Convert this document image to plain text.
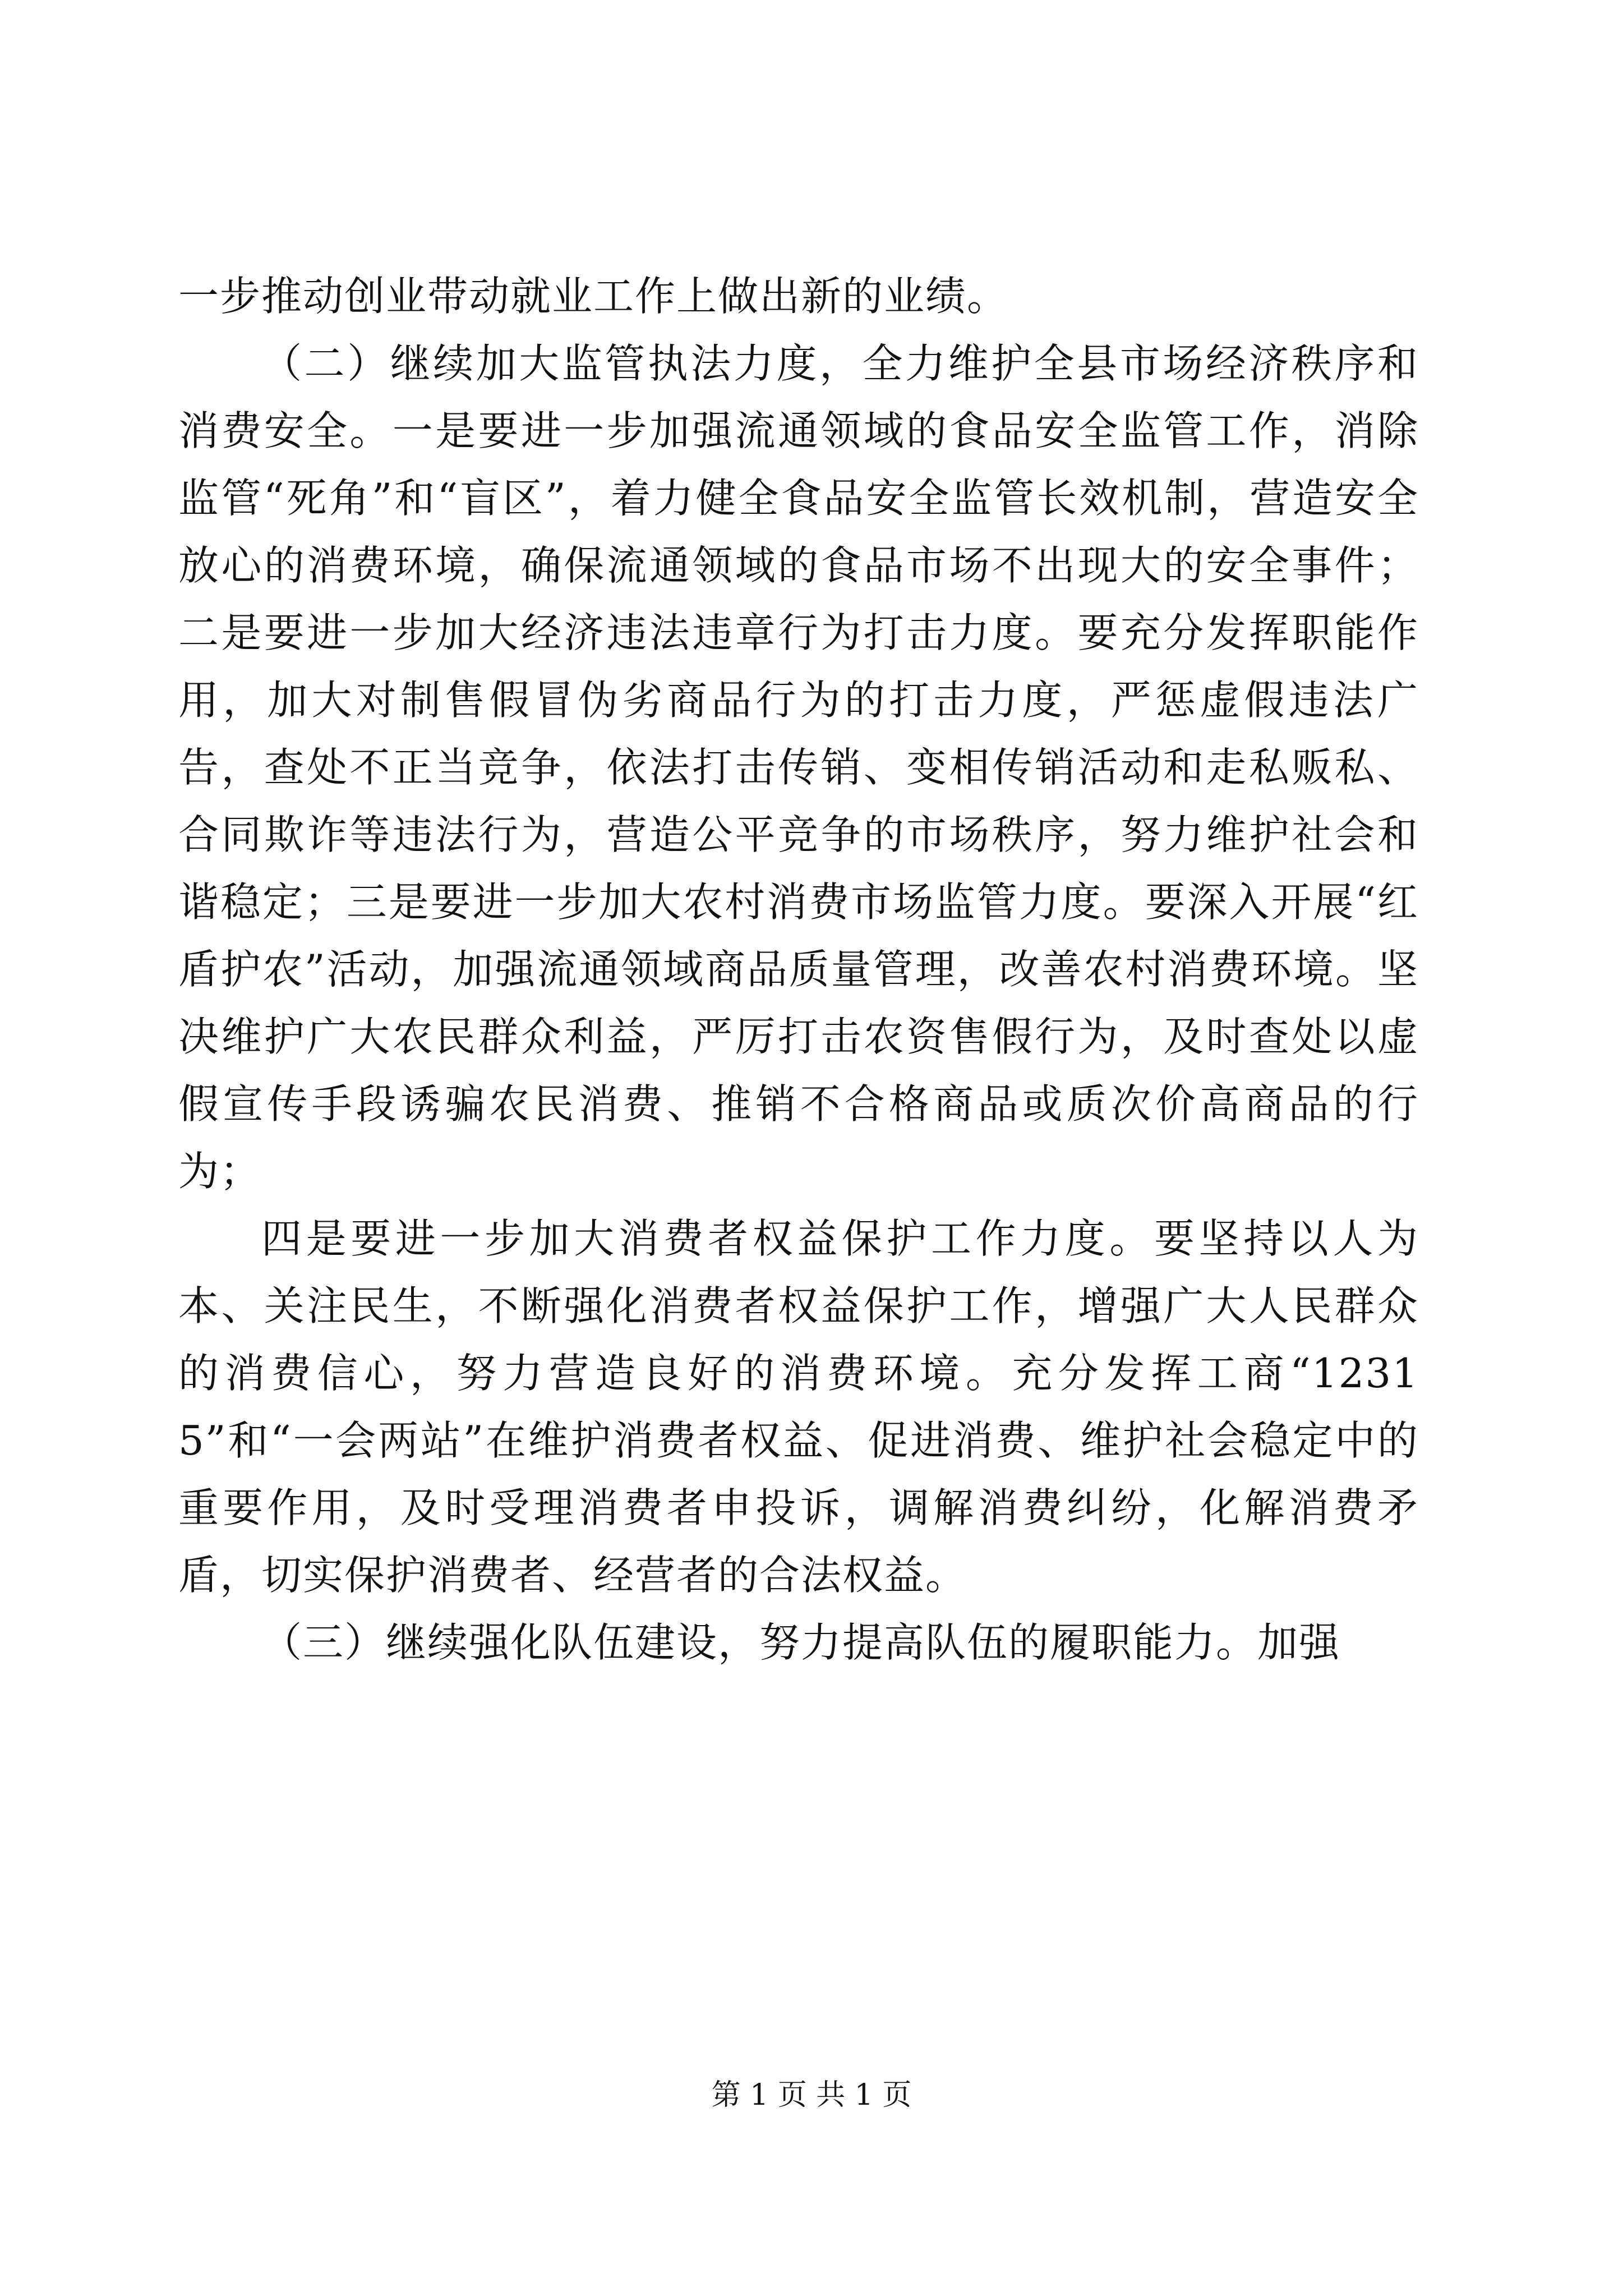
一步推动创业带动就业工作上做出新的业绩。

（二）继续加大监管执法力度，全力维护全县市场经济秩序和消费安全。一是要进一步加强流通领域的食品安全监管工作，消除监管“死角”和“盲区”，着力健全食品安全监管长效机制，营造安全放心的消费环境，确保流通领域的食品市场不出现大的安全事件；二是要进一步加大经济违法违章行为打击力度。要充分发挥职能作用，加大对制售假冒伪劣商品行为的打击力度，严惩虚假违法广告，查处不正当竞争，依法打击传销、变相传销活动和走私贩私、合同欺诈等违法行为，营造公平竞争的市场秩序，努力维护社会和谐稳定；三是要进一步加大农村消费市场监管力度。要深入开展“红盾护农”活动，加强流通领域商品质量管理，改善农村消费环境。坚决维护广大农民群众利益，严厉打击农资售假行为，及时查处以虚假宣传手段诱骗农民消费、推销不合格商品或质次价高商品的行为；

四是要进一步加大消费者权益保护工作力度。要坚持以人为本、关注民生，不断强化消费者权益保护工作，增强广大人民群众的消费信心，努力营造良好的消费环境。充分发挥工商“12315”和“一会两站”在维护消费者权益、促进消费、维护社会稳定中的重要作用，及时受理消费者申投诉，调解消费纠纷，化解消费矛盾，切实保护消费者、经营者的合法权益。

（三）继续强化队伍建设，努力提高队伍的履职能力。加强

第 1 页 共 1 页
